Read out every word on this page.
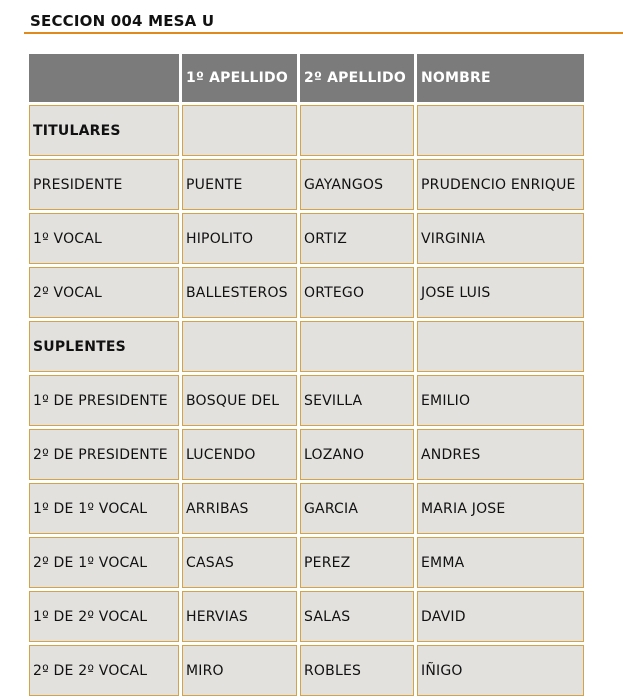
SECCION 004 MESA U
	1º APELLIDO	2º APELLIDO	NOMBRE
TITULARES			
PRESIDENTE	PUENTE	GAYANGOS	PRUDENCIO ENRIQUE
1º VOCAL	HIPOLITO	ORTIZ	VIRGINIA
2º VOCAL	BALLESTEROS	ORTEGO	JOSE LUIS
SUPLENTES			
1º DE PRESIDENTE	BOSQUE DEL	SEVILLA	EMILIO
2º DE PRESIDENTE	LUCENDO	LOZANO	ANDRES
1º DE 1º VOCAL	ARRIBAS	GARCIA	MARIA JOSE
2º DE 1º VOCAL	CASAS	PEREZ	EMMA
1º DE 2º VOCAL	HERVIAS	SALAS	DAVID
2º DE 2º VOCAL	MIRO	ROBLES	IÑIGO
